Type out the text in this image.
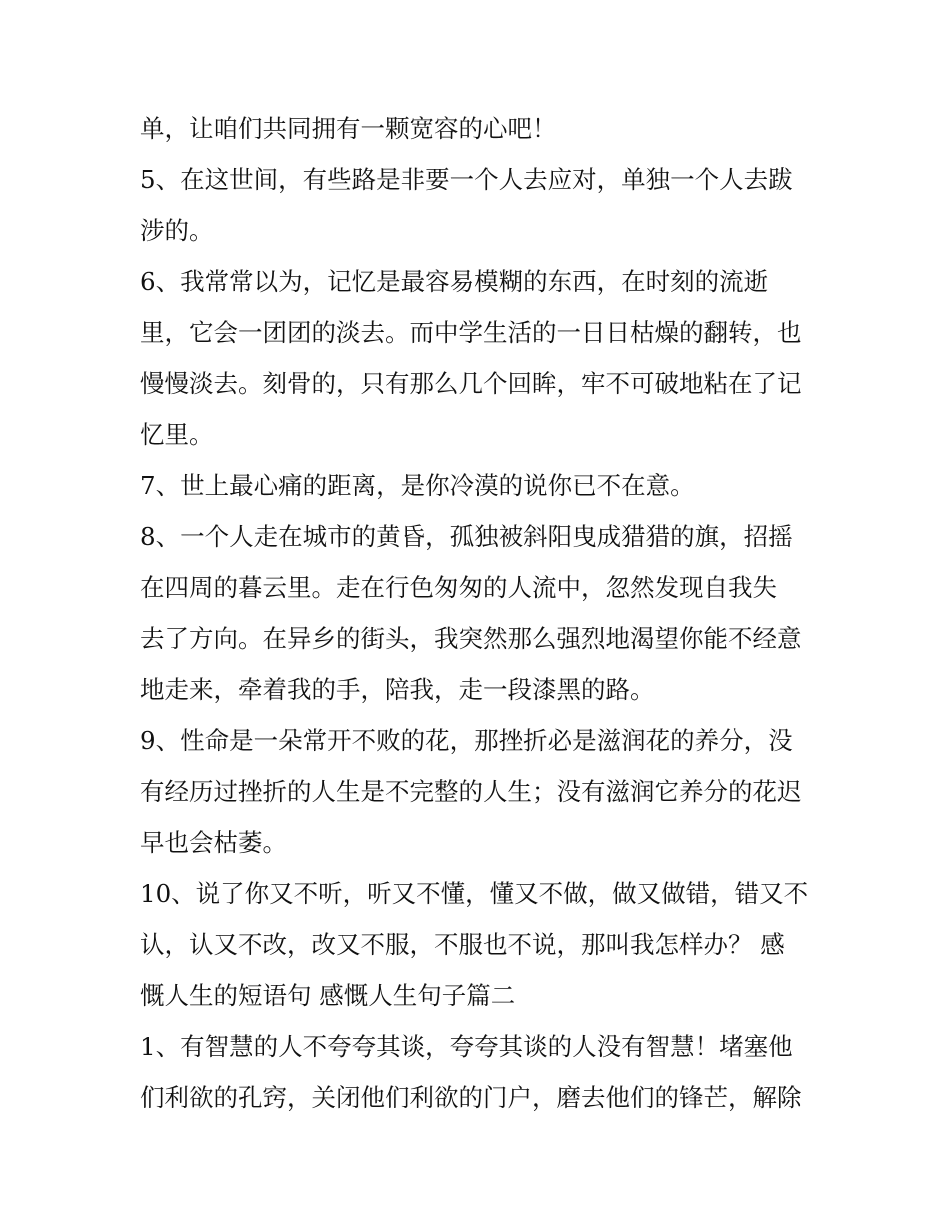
单，让咱们共同拥有一颗宽容的心吧！
5、在这世间，有些路是非要一个人去应对，单独一个人去跋
涉的。
6、我常常以为，记忆是最容易模糊的东西，在时刻的流逝
里，它会一团团的淡去。而中学生活的一日日枯燥的翻转，也
慢慢淡去。刻骨的，只有那么几个回眸，牢不可破地粘在了记
忆里。
7、世上最心痛的距离，是你冷漠的说你已不在意。
8、一个人走在城市的黄昏，孤独被斜阳曳成猎猎的旗，招摇
在四周的暮云里。走在行色匆匆的人流中，忽然发现自我失
去了方向。在异乡的街头，我突然那么强烈地渴望你能不经意
地走来，牵着我的手，陪我，走一段漆黑的路。
9、性命是一朵常开不败的花，那挫折必是滋润花的养分，没
有经历过挫折的人生是不完整的人生；没有滋润它养分的花迟
早也会枯萎。
10、说了你又不听，听又不懂，懂又不做，做又做错，错又不
认，认又不改，改又不服，不服也不说，那叫我怎样办？ 感
慨人生的短语句 感慨人生句子篇二
1、有智慧的人不夸夸其谈，夸夸其谈的人没有智慧！堵塞他
们利欲的孔窍，关闭他们利欲的门户，磨去他们的锋芒，解除
